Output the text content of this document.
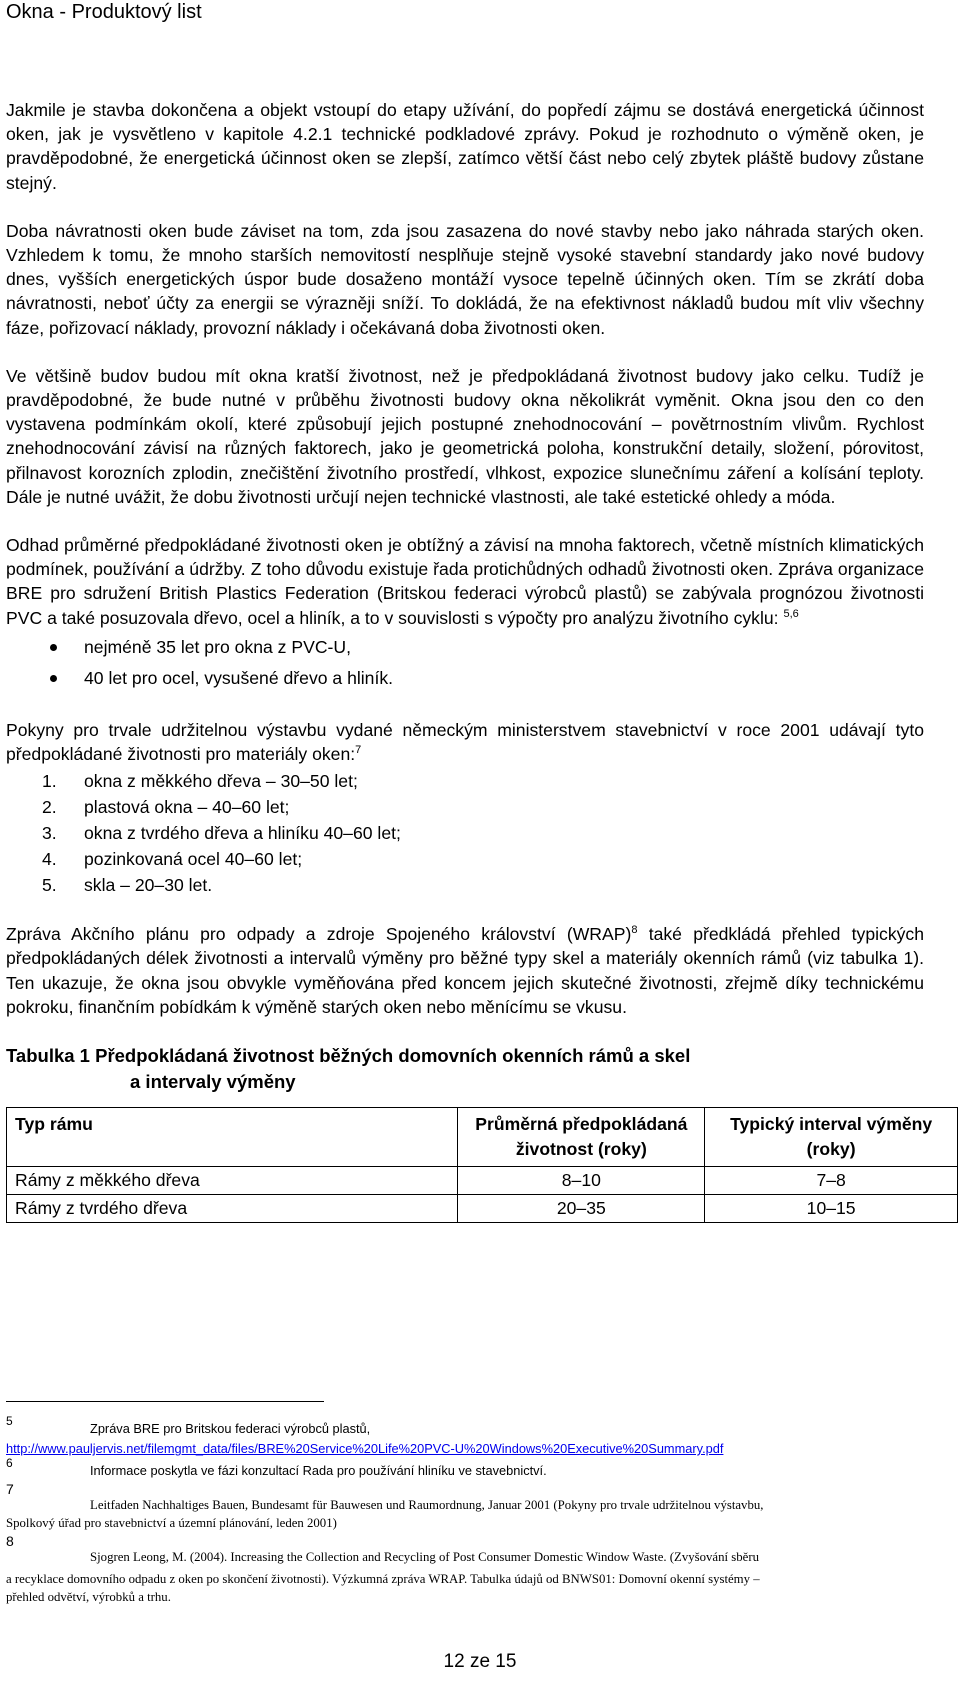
Okna - Produktový list

Jakmile je stavba dokončena a objekt vstoupí do etapy užívání, do popředí zájmu se dostává energetická účinnost oken, jak je vysvětleno v kapitole 4.2.1 technické podkladové zprávy. Pokud je rozhodnuto o výměně oken, je pravděpodobné, že energetická účinnost oken se zlepší, zatímco větší část nebo celý zbytek pláště budovy zůstane stejný.

Doba návratnosti oken bude záviset na tom, zda jsou zasazena do nové stavby nebo jako náhrada starých oken. Vzhledem k tomu, že mnoho starších nemovitostí nesplňuje stejně vysoké stavební standardy jako nové budovy dnes, vyšších energetických úspor bude dosaženo montáží vysoce tepelně účinných oken. Tím se zkrátí doba návratnosti, neboť účty za energii se výrazněji sníží. To dokládá, že na efektivnost nákladů budou mít vliv všechny fáze, pořizovací náklady, provozní náklady i očekávaná doba životnosti oken.

Ve většině budov budou mít okna kratší životnost, než je předpokládaná životnost budovy jako celku. Tudíž je pravděpodobné, že bude nutné v průběhu životnosti budovy okna několikrát vyměnit. Okna jsou den co den vystavena podmínkám okolí, které způsobují jejich postupné znehodnocování – povětrnostním vlivům. Rychlost znehodnocování závisí na různých faktorech, jako je geometrická poloha, konstrukční detaily, složení, pórovitost, přilnavost korozních zplodin, znečištění životního prostředí, vlhkost, expozice slunečnímu záření a kolísání teploty. Dále je nutné uvážit, že dobu životnosti určují nejen technické vlastnosti, ale také estetické ohledy a móda.

Odhad průměrné předpokládané životnosti oken je obtížný a závisí na mnoha faktorech, včetně místních klimatických podmínek, používání a údržby. Z toho důvodu existuje řada protichůdných odhadů životnosti oken. Zpráva organizace BRE pro sdružení British Plastics Federation (Britskou federaci výrobců plastů) se zabývala prognózou životnosti PVC a také posuzovala dřevo, ocel a hliník, a to v souvislosti s výpočty pro analýzu životního cyklu: $^{5,6}$

nejméně 35 let pro okna z PVC-U,
40 let pro ocel, vysušené dřevo a hliník.

Pokyny pro trvale udržitelnou výstavbu vydané německým ministerstvem stavebnictví v roce 2001 udávají tyto předpokládané životnosti pro materiály oken:$^7$

1. okna z měkkého dřeva – 30–50 let;
2. plastová okna – 40–60 let;
3. okna z tvrdého dřeva a hliníku 40–60 let;
4. pozinkovaná ocel 40–60 let;
5. skla – 20–30 let.

Zpráva Akčního plánu pro odpady a zdroje Spojeného království (WRAP)$^8$ také předkládá přehled typických předpokládaných délek životnosti a intervalů výměny pro běžné typy skel a materiály okenních rámů (viz tabulka 1). Ten ukazuje, že okna jsou obvykle vyměňována před koncem jejich skutečné životnosti, zřejmě díky technickému pokroku, finančním pobídkám k výměně starých oken nebo měnícímu se vkusu.

Tabulka 1 Předpokládaná životnost běžných domovních okenních rámů a skel
a intervaly výměny
Typ rámu	Průměrná předpokládaná životnost (roky)	Typický interval výměny (roky)
Rámy z měkkého dřeva	8–10	7–8
Rámy z tvrdého dřeva	20–35	10–15
5	Zpráva BRE pro Britskou federaci výrobců plastů,
http://www.pauljervis.net/filemgmt_data/files/BRE%20Service%20Life%20PVC-U%20Windows%20Executive%20Summary.pdf
6	Informace poskytla ve fázi konzultací Rada pro používání hliníku ve stavebnictví.
7
Leitfaden Nachhaltiges Bauen, Bundesamt für Bauwesen und Raumordnung, Januar 2001 (Pokyny pro trvale udržitelnou výstavbu,
Spolkový úřad pro stavebnictví a územní plánování, leden 2001)
8
Sjogren Leong, M. (2004). Increasing the Collection and Recycling of Post Consumer Domestic Window Waste. (Zvyšování sběru
a recyklace domovního odpadu z oken po skončení životnosti). Výzkumná zpráva WRAP. Tabulka údajů od BNWS01: Domovní okenní systémy –
přehled odvětví, výrobků a trhu.
12 ze 15
